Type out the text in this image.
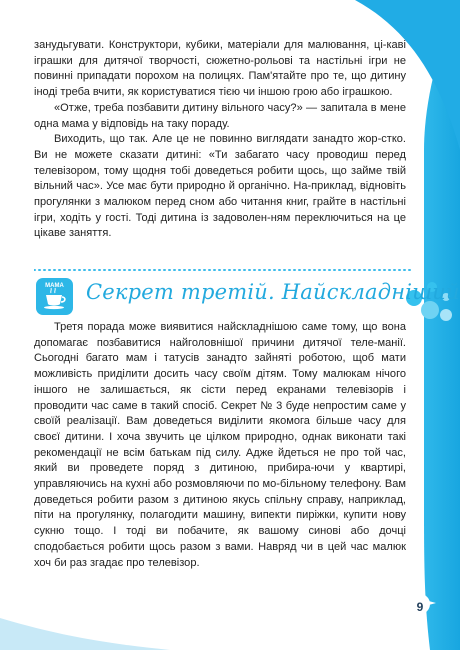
занудьгувати. Конструктори, кубики, матеріали для малювання, ці-каві іграшки для дитячої творчості, сюжетно-рольові та настільні ігри не повинні припадати порохом на полицях. Пам'ятайте про те, що дитину іноді треба вчити, як користуватися тією чи іншою грою або іграшкою.

«Отже, треба позбавити дитину вільного часу?» — запитала в мене одна мама у відповідь на таку пораду.

Виходить, що так. Але це не повинно виглядати занадто жор-стко. Ви не можете сказати дитині: «Ти забагато часу проводиш перед телевізором, тому щодня тобі доведеться робити щось, що займе твій вільний час». Усе має бути природно й органічно. На-приклад, відновіть прогулянки з малюком перед сном або читання книг, грайте в настільні ігри, ходіть у гості. Тоді дитина із задоволен-ням переключиться на це цікаве заняття.

MAMA Секрет третій. Найскладніший

Третя порада може виявитися найскладнішою саме тому, що вона допомагає позбавитися найголовнішої причини дитячої теле-манії. Сьогодні багато мам і татусів занадто зайняті роботою, щоб мати можливість приділити досить часу своїм дітям. Тому малюкам нічого іншого не залишається, як сісти перед екранами телевізорів і проводити час саме в такий спосіб. Секрет № 3 буде непростим саме у своїй реалізації. Вам доведеться виділити якомога більше часу для своєї дитини. І хоча звучить це цілком природно, однак виконати такі рекомендації не всім батькам під силу. Адже йдеться не про той час, який ви проведете поряд з дитиною, прибира-ючи у квартирі, управляючись на кухні або розмовляючи по мо-більному телефону. Вам доведеться робити разом з дитиною якусь спільну справу, наприклад, піти на прогулянку, полагодити машину, випекти пиріжки, купити нову сукню тощо. І тоді ви побачите, як вашому синові або дочці сподобається робити щось разом з вами. Навряд чи в цей час малюк хоч би раз згадає про телевізор.

9
